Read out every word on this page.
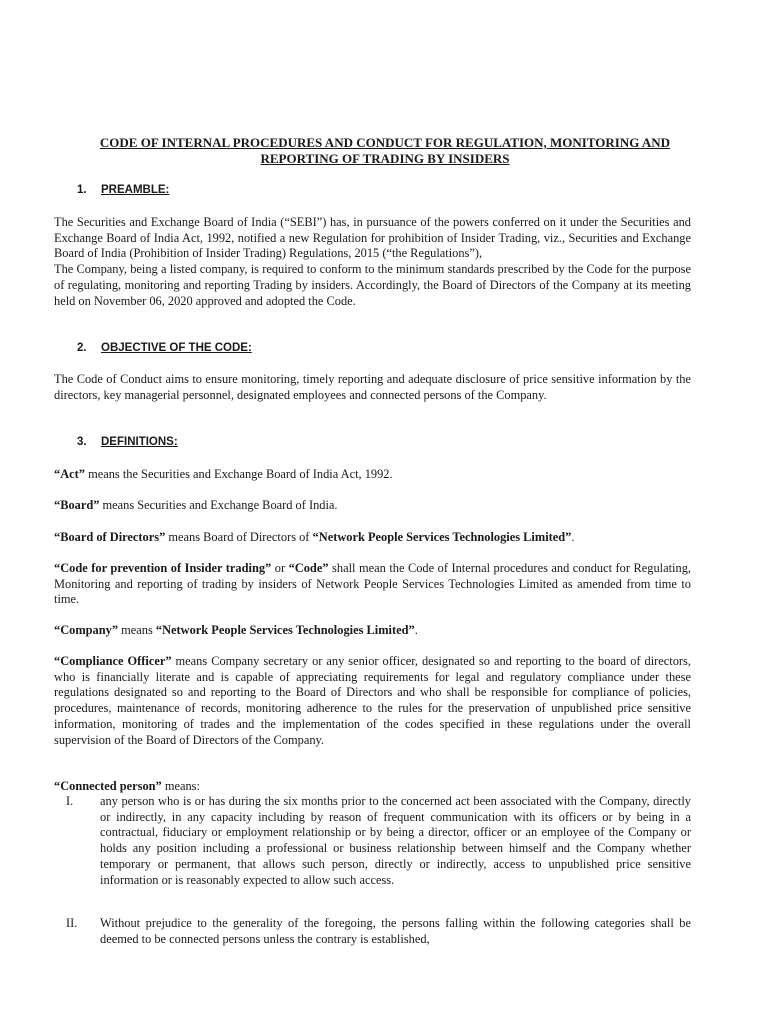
CODE OF INTERNAL PROCEDURES AND CONDUCT FOR REGULATION, MONITORING AND
REPORTING OF TRADING BY INSIDERS
1. PREAMBLE:

The Securities and Exchange Board of India (“SEBI”) has, in pursuance of the powers conferred on it under the Securities and Exchange Board of India Act, 1992, notified a new Regulation for prohibition of Insider Trading, viz., Securities and Exchange Board of India (Prohibition of Insider Trading) Regulations, 2015 (“the Regulations”),

The Company, being a listed company, is required to conform to the minimum standards prescribed by the Code for the purpose of regulating, monitoring and reporting Trading by insiders. Accordingly, the Board of Directors of the Company at its meeting held on November 06, 2020 approved and adopted the Code.

2. OBJECTIVE OF THE CODE:

The Code of Conduct aims to ensure monitoring, timely reporting and adequate disclosure of price sensitive information by the directors, key managerial personnel, designated employees and connected persons of the Company.

3. DEFINITIONS:

“Act” means the Securities and Exchange Board of India Act, 1992.

“Board” means Securities and Exchange Board of India.

“Board of Directors” means Board of Directors of “Network People Services Technologies Limited”.

“Code for prevention of Insider trading” or “Code” shall mean the Code of Internal procedures and conduct for Regulating, Monitoring and reporting of trading by insiders of Network People Services Technologies Limited as amended from time to time.

“Company” means “Network People Services Technologies Limited”.

“Compliance Officer” means Company secretary or any senior officer, designated so and reporting to the board of directors, who is financially literate and is capable of appreciating requirements for legal and regulatory compliance under these regulations designated so and reporting to the Board of Directors and who shall be responsible for compliance of policies, procedures, maintenance of records, monitoring adherence to the rules for the preservation of unpublished price sensitive information, monitoring of trades and the implementation of the codes specified in these regulations under the overall supervision of the Board of Directors of the Company.

“Connected person” means:

I. any person who is or has during the six months prior to the concerned act been associated with the Company, directly or indirectly, in any capacity including by reason of frequent communication with its officers or by being in a contractual, fiduciary or employment relationship or by being a director, officer or an employee of the Company or holds any position including a professional or business relationship between himself and the Company whether temporary or permanent, that allows such person, directly or indirectly, access to unpublished price sensitive information or is reasonably expected to allow such access.
II. Without prejudice to the generality of the foregoing, the persons falling within the following categories shall be deemed to be connected persons unless the contrary is established,
